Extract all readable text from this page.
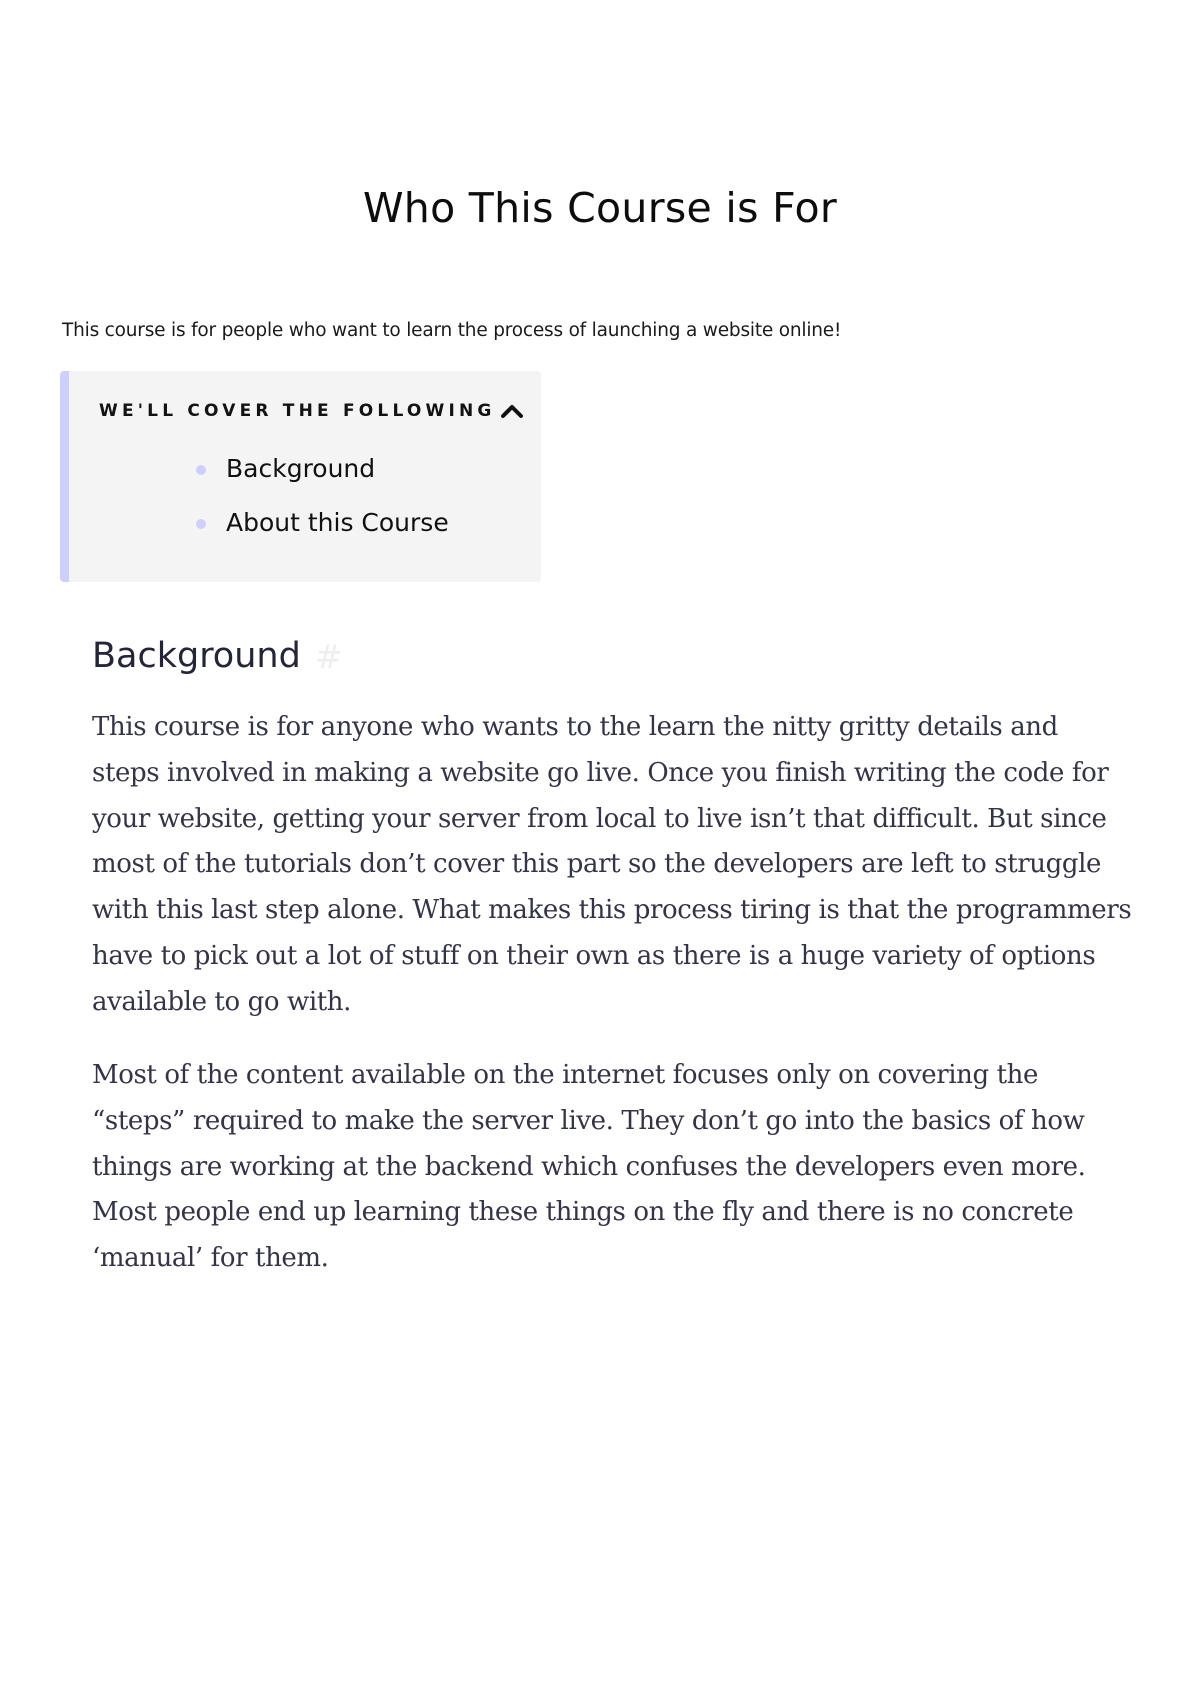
Who This Course is For

This course is for people who want to learn the process of launching a website online!

WE'LL COVER THE FOLLOWING
Background
About this Course
Background #

This course is for anyone who wants to the learn the nitty gritty details and steps involved in making a website go live. Once you finish writing the code for your website, getting your server from local to live isn’t that difficult. But since most of the tutorials don’t cover this part so the developers are left to struggle with this last step alone. What makes this process tiring is that the programmers have to pick out a lot of stuff on their own as there is a huge variety of options available to go with.

Most of the content available on the internet focuses only on covering the “steps” required to make the server live. They don’t go into the basics of how things are working at the backend which confuses the developers even more. Most people end up learning these things on the fly and there is no concrete ‘manual’ for them.
